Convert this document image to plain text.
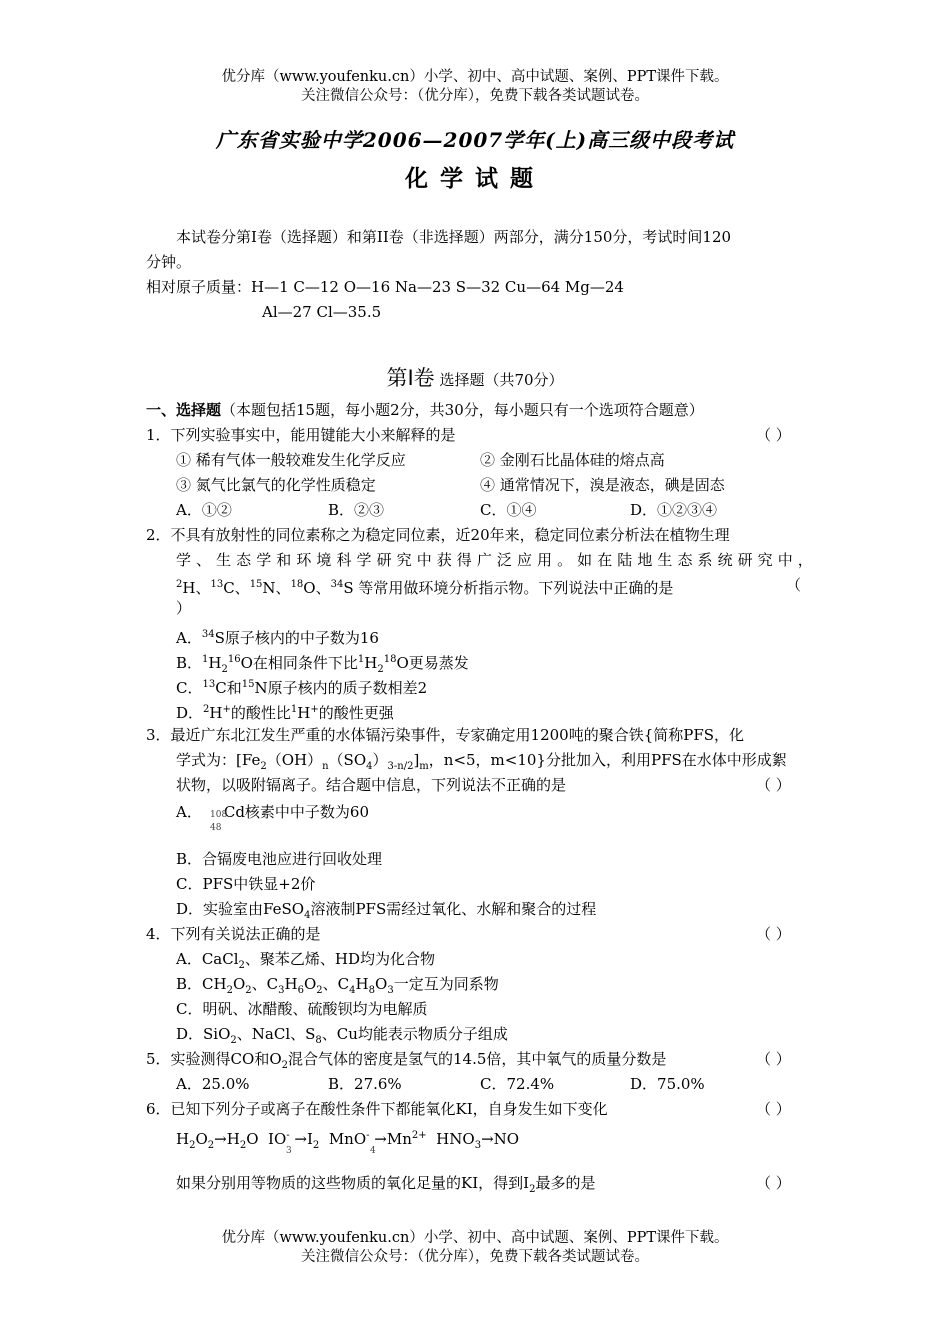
优分库（www.youfenku.cn）小学、初中、高中试题、案例、PPT课件下载。
关注微信公众号：（优分库），免费下载各类试题试卷。
广东省实验中学2006—2007学年(上)高三级中段考试
化学试题
本试卷分第I卷（选择题）和第II卷（非选择题）两部分，满分150分，考试时间120
分钟。
相对原子质量：H—1 C—12 O—16 Na—23 S—32 Cu—64 Mg—24
Al—27 Cl—35.5
第Ⅰ卷 选择题（共70分）
一、选择题（本题包括15题，每小题2分，共30分，每小题只有一个选项符合题意）
1．下列实验事实中，能用键能大小来解释的是	（ ）
① 稀有气体一般较难发生化学反应	② 金刚石比晶体硅的熔点高
③ 氮气比氯气的化学性质稳定	④ 通常情况下，溴是液态，碘是固态
A．①②	B．②③	C．①④	D．①②③④
2．不具有放射性的同位素称之为稳定同位素，近20年来，稳定同位素分析法在植物生理
学、生态学和环境科学研究中获得广泛应用。如在陆地生态系统研究中，
$^2$H、$^{13}$C、$^{15}$N、$^{18}$O、$^{34}$S 等常用做环境分析指示物。下列说法中正确的是	（
）
A．$^{34}$S原子核内的中子数为16
B．$^1H_2^{16}O$在相同条件下比$^1H_2^{18}O$更易蒸发
C．$^{13}$C和$^{15}$N原子核内的质子数相差2
D．$^2$H+的酸性比$^1$H+的酸性更强
3．最近广东北江发生严重的水体镉污染事件，专家确定用1200吨的聚合铁{简称PFS，化
学式为：$[Fe_2(OH)_n(SO_4)_{3-n/2}]_m$，n<5，m<10}分批加入，利用PFS在水体中形成絮
状物，以吸附镉离子。结合题中信息，下列说法不正确的是	（ ）
A． Cd核素中中子数为60
108
48
B．合镉废电池应进行回收处理
C．PFS中铁显+2价
D．实验室由FeSO$_4$溶液制PFS需经过氧化、水解和聚合的过程
4．下列有关说法正确的是	（ ）
A．CaCl$_2$、聚苯乙烯、HD均为化合物
B．$CH_2O_2$、$C_3H_6O_2$、$C_4H_8O_3$一定互为同系物
C．明矾、冰醋酸、硫酸钡均为电解质
D．SiO$_2$、NaCl、$S_8$、Cu均能表示物质分子组成
5．实验测得CO和$O_2$混合气体的密度是氢气的14.5倍，其中氧气的质量分数是	（ ）
A．25.0%	B．27.6%	C．72.4%	D．75.0%
6．已知下列分子或离子在酸性条件下都能氧化KI，自身发生如下变化	（ ）
$H_2O_2\to H_2O$  $IO^- \to I_2$  $MnO^- \to Mn^{2+}$  $HNO_3\to NO$
3	4
如果分别用等物质的这些物质的氧化足量的KI，得到$I_2$最多的是	（ ）
优分库（www.youfenku.cn）小学、初中、高中试题、案例、PPT课件下载。
关注微信公众号：（优分库），免费下载各类试题试卷。
